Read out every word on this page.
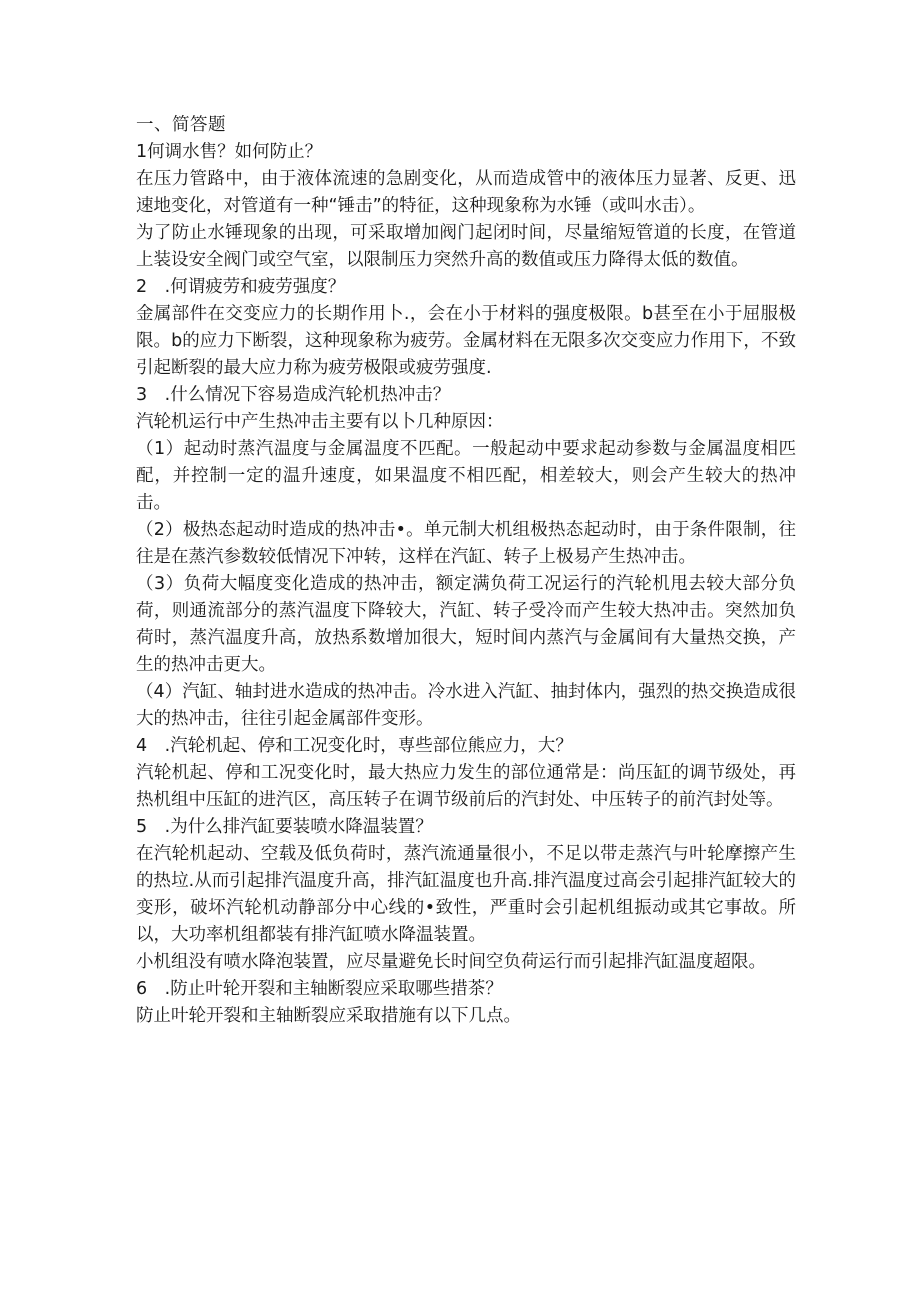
一、简答题

1何调水售？如何防止？

在压力管路中，由于液体流速的急剧变化，从而造成管中的液体压力显著、反更、迅速地变化，对管道有一种“锤击”的特征，这种现象称为水锤（或叫水击）。

为了防止水锤现象的出现，可采取增加阀门起闭时间，尽量缩短管道的长度，在管道上装设安全阀门或空气室，以限制压力突然升高的数值或压力降得太低的数值。

2　.何谓疲劳和疲劳强度？

金属部件在交变应力的长期作用卜.，会在小于材料的强度极限。b甚至在小于屈服极限。b的应力下断裂，这种现象称为疲劳。金属材料在无限多次交变应力作用下，不致引起断裂的最大应力称为疲劳极限或疲劳强度.

3　.什么情况下容易造成汽轮机热冲击？

汽轮机运行中产生热冲击主要有以卜几种原因：

（1）起动时蒸汽温度与金属温度不匹配。一般起动中要求起动参数与金属温度相匹配，并控制一定的温升速度，如果温度不相匹配，相差较大，则会产生较大的热冲击。

（2）极热态起动时造成的热冲击•。单元制大机组极热态起动时，由于条件限制，往往是在蒸汽参数较低情况下冲转，这样在汽缸、转子上极易产生热冲击。

（3）负荷大幅度变化造成的热冲击，额定满负荷工况运行的汽轮机甩去较大部分负荷，则通流部分的蒸汽温度下降较大，汽缸、转子受冷而产生较大热冲击。突然加负荷时，蒸汽温度升高，放热系数增加很大，短时间内蒸汽与金属间有大量热交换，产生的热冲击更大。

（4）汽缸、轴封进水造成的热冲击。冷水进入汽缸、抽封体内，强烈的热交换造成很大的热冲击，往往引起金属部件变形。

4　.汽轮机起、停和工况变化时，専些部位熊应力，大？

汽轮机起、停和工况变化时，最大热应力发生的部位通常是：尚压缸的调节级处，再热机组中压缸的进汽区，高压转子在调节级前后的汽封处、中压转子的前汽封处等。

5　.为什么排汽缸要装喷水降温装置？

在汽轮机起动、空载及低负荷时，蒸汽流通量很小，不足以带走蒸汽与叶轮摩擦产生的热垃.从而引起排汽温度升高，排汽缸温度也升高.排汽温度过高会引起排汽缸较大的变形，破坏汽轮机动静部分中心线的•致性，严重时会引起机组振动或其它事故。所以，大功率机组都装有排汽缸喷水降温装置。

小机组没有喷水降泡装置，应尽量避免长时间空负荷运行而引起排汽缸温度超限。

6　.防止叶轮开裂和主轴断裂应采取哪些措茶？

防止叶轮开裂和主轴断裂应采取措施有以下几点。
